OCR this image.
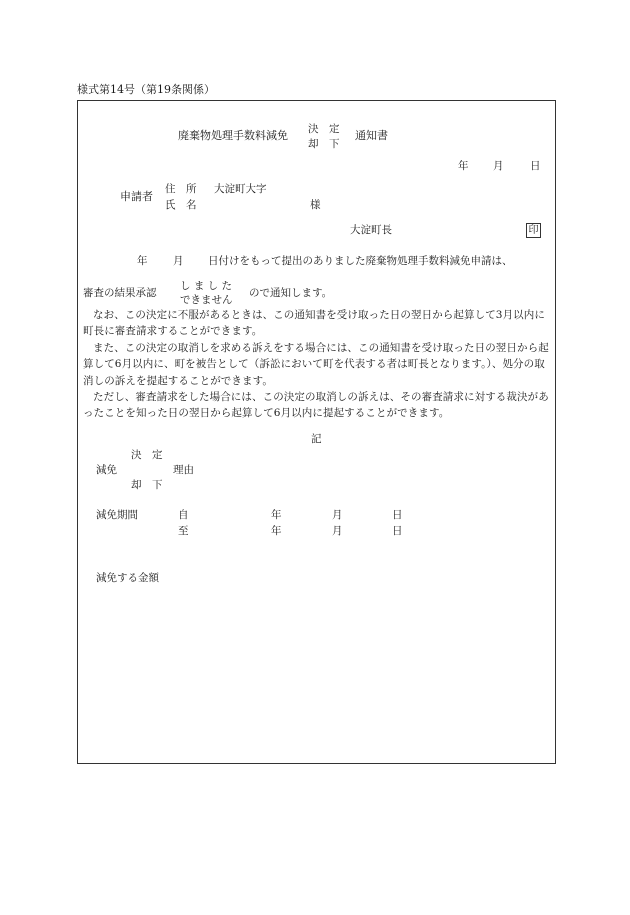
様式第14号（第19条関係）
廃棄物処理手数料減免 決　定
却　下
通知書
年 月	日
申請者
住　所 大淀町大字
氏　名	様
大淀町長	印
年 月 日付けをもって提出のありました廃棄物処理手数料減免申請は、
審査の結果承認
し ま し た
できません
ので通知します。
なお、この決定に不服があるときは、この通知書を受け取った日の翌日から起算して3月以内に町長に審査請求することができます。
また、この決定の取消しを求める訴えをする場合には、この通知書を受け取った日の翌日から起算して6月以内に、町を被告として（訴訟において町を代表する者は町長となります。）、処分の取消しの訴えを提起することができます。
ただし、審査請求をした場合には、この決定の取消しの訴えは、その審査請求に対する裁決があったことを知った日の翌日から起算して6月以内に提起することができます。
記
決　定
減免
却　下
理由
減免期間	自	年	月	日
至	年	月	日
減免する金額
